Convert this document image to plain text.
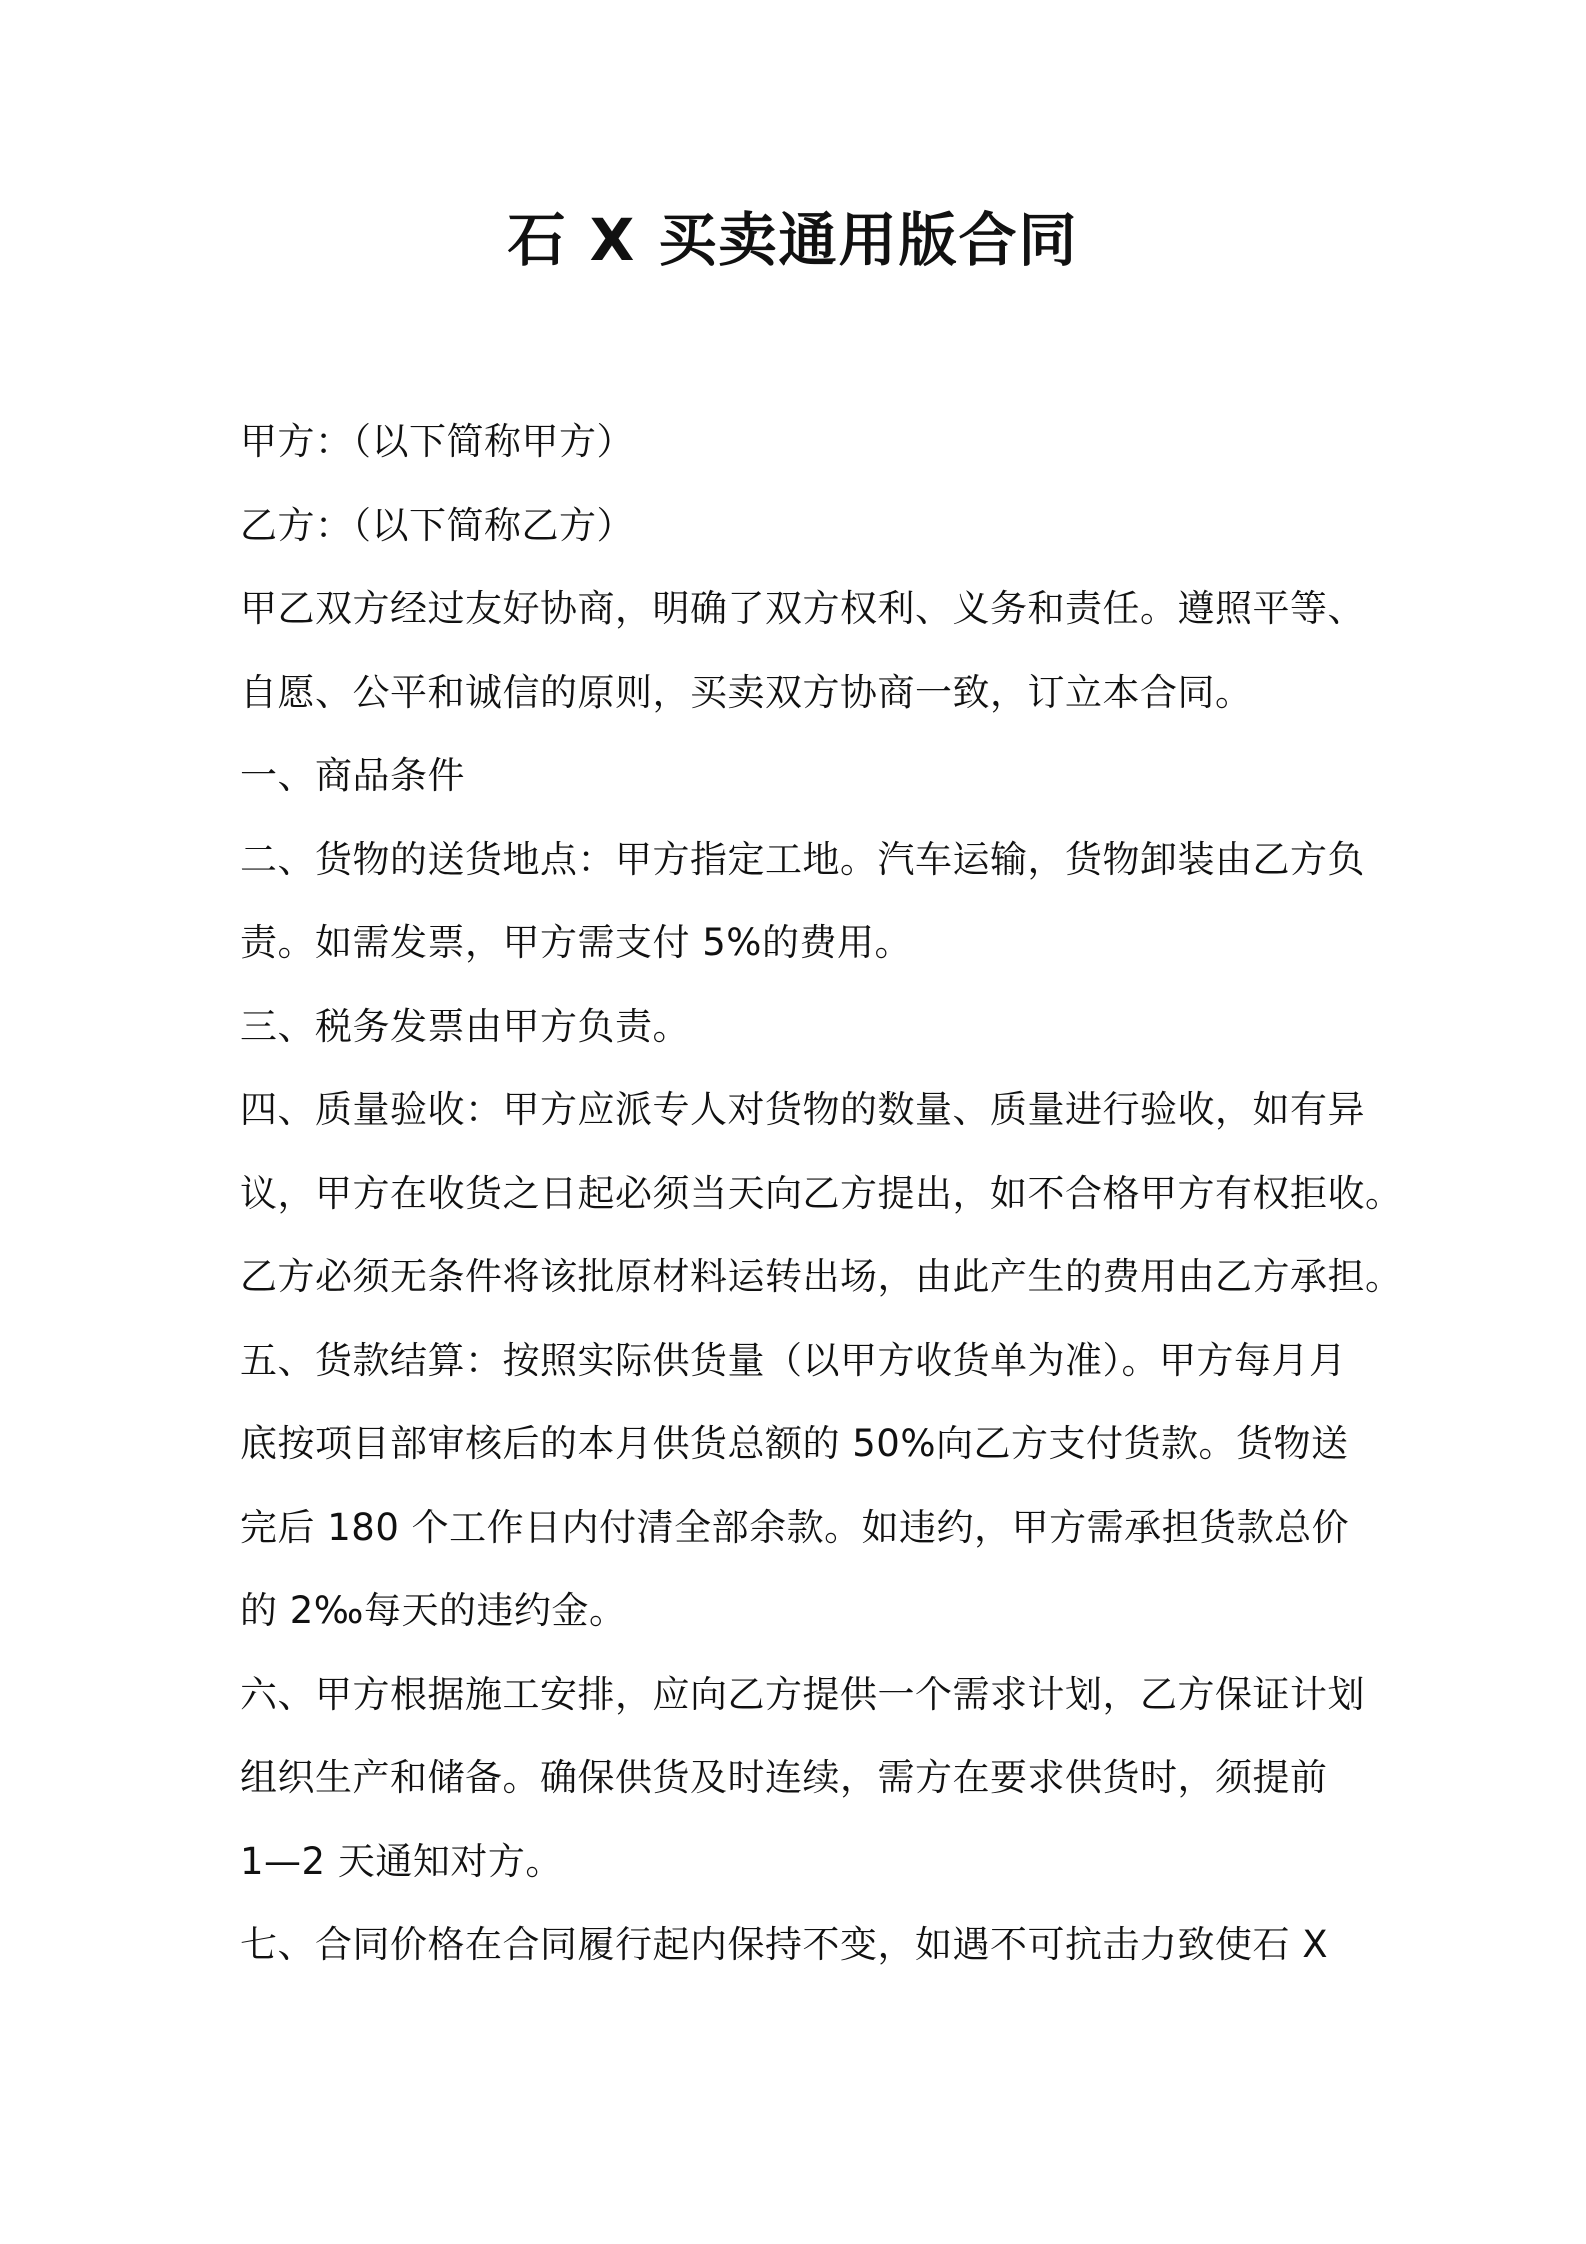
石 X 买卖通用版合同
甲方：（以下简称甲方）
乙方：（以下简称乙方）
甲乙双方经过友好协商，明确了双方权利、义务和责任。遵照平等、
自愿、公平和诚信的原则，买卖双方协商一致，订立本合同。
一、商品条件
二、货物的送货地点：甲方指定工地。汽车运输，货物卸装由乙方负
责。如需发票，甲方需支付 5%的费用。
三、税务发票由甲方负责。
四、质量验收：甲方应派专人对货物的数量、质量进行验收，如有异
议，甲方在收货之日起必须当天向乙方提出，如不合格甲方有权拒收。
乙方必须无条件将该批原材料运转出场，由此产生的费用由乙方承担。
五、货款结算：按照实际供货量（以甲方收货单为准）。甲方每月月
底按项目部审核后的本月供货总额的 50%向乙方支付货款。货物送
完后 180 个工作日内付清全部余款。如违约，甲方需承担货款总价
的 2‰每天的违约金。
六、甲方根据施工安排，应向乙方提供一个需求计划，乙方保证计划
组织生产和储备。确保供货及时连续，需方在要求供货时，须提前
1—2 天通知对方。
七、合同价格在合同履行起内保持不变，如遇不可抗击力致使石 X
